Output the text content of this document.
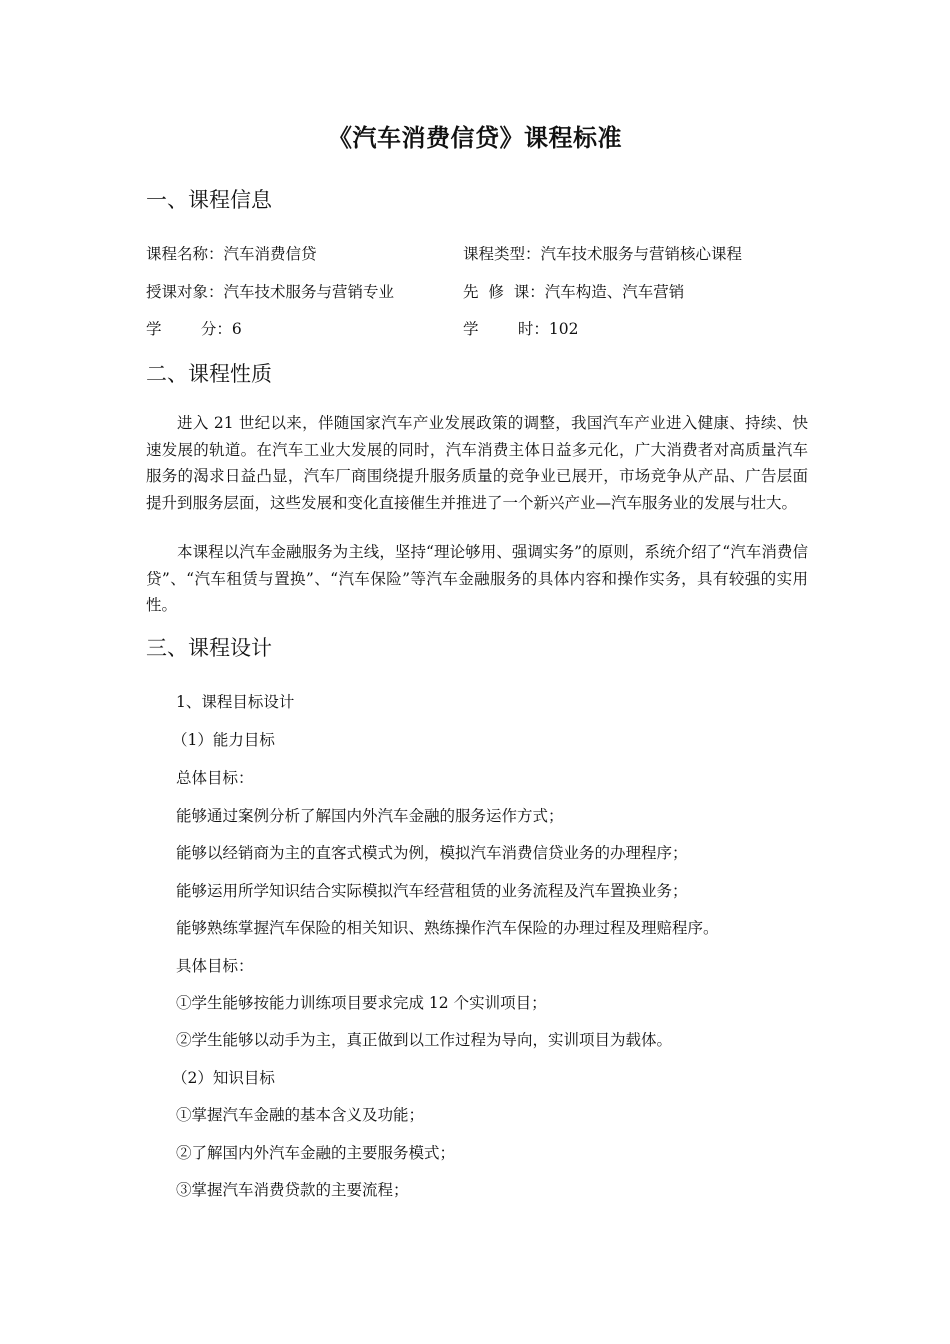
《汽车消费信贷》课程标准
一、课程信息
课程名称：汽车消费信贷	课程类型：汽车技术服务与营销核心课程
授课对象：汽车技术服务与营销专业	先  修  课：汽车构造、汽车营销
学        分：6	学        时：102
二、课程性质
进入 21 世纪以来，伴随国家汽车产业发展政策的调整，我国汽车产业进入健康、持续、快速发展的轨道。在汽车工业大发展的同时，汽车消费主体日益多元化，广大消费者对高质量汽车服务的渴求日益凸显，汽车厂商围绕提升服务质量的竞争业已展开，市场竞争从产品、广告层面提升到服务层面，这些发展和变化直接催生并推进了一个新兴产业—汽车服务业的发展与壮大。
本课程以汽车金融服务为主线，坚持“理论够用、强调实务”的原则，系统介绍了“汽车消费信贷”、“汽车租赁与置换”、“汽车保险”等汽车金融服务的具体内容和操作实务，具有较强的实用性。
三、课程设计
1、课程目标设计
（1）能力目标
总体目标：
能够通过案例分析了解国内外汽车金融的服务运作方式；
能够以经销商为主的直客式模式为例，模拟汽车消费信贷业务的办理程序；
能够运用所学知识结合实际模拟汽车经营租赁的业务流程及汽车置换业务；
能够熟练掌握汽车保险的相关知识、熟练操作汽车保险的办理过程及理赔程序。
具体目标：
①学生能够按能力训练项目要求完成 12 个实训项目；
②学生能够以动手为主，真正做到以工作过程为导向，实训项目为载体。
（2）知识目标
①掌握汽车金融的基本含义及功能；
②了解国内外汽车金融的主要服务模式；
③掌握汽车消费贷款的主要流程；
